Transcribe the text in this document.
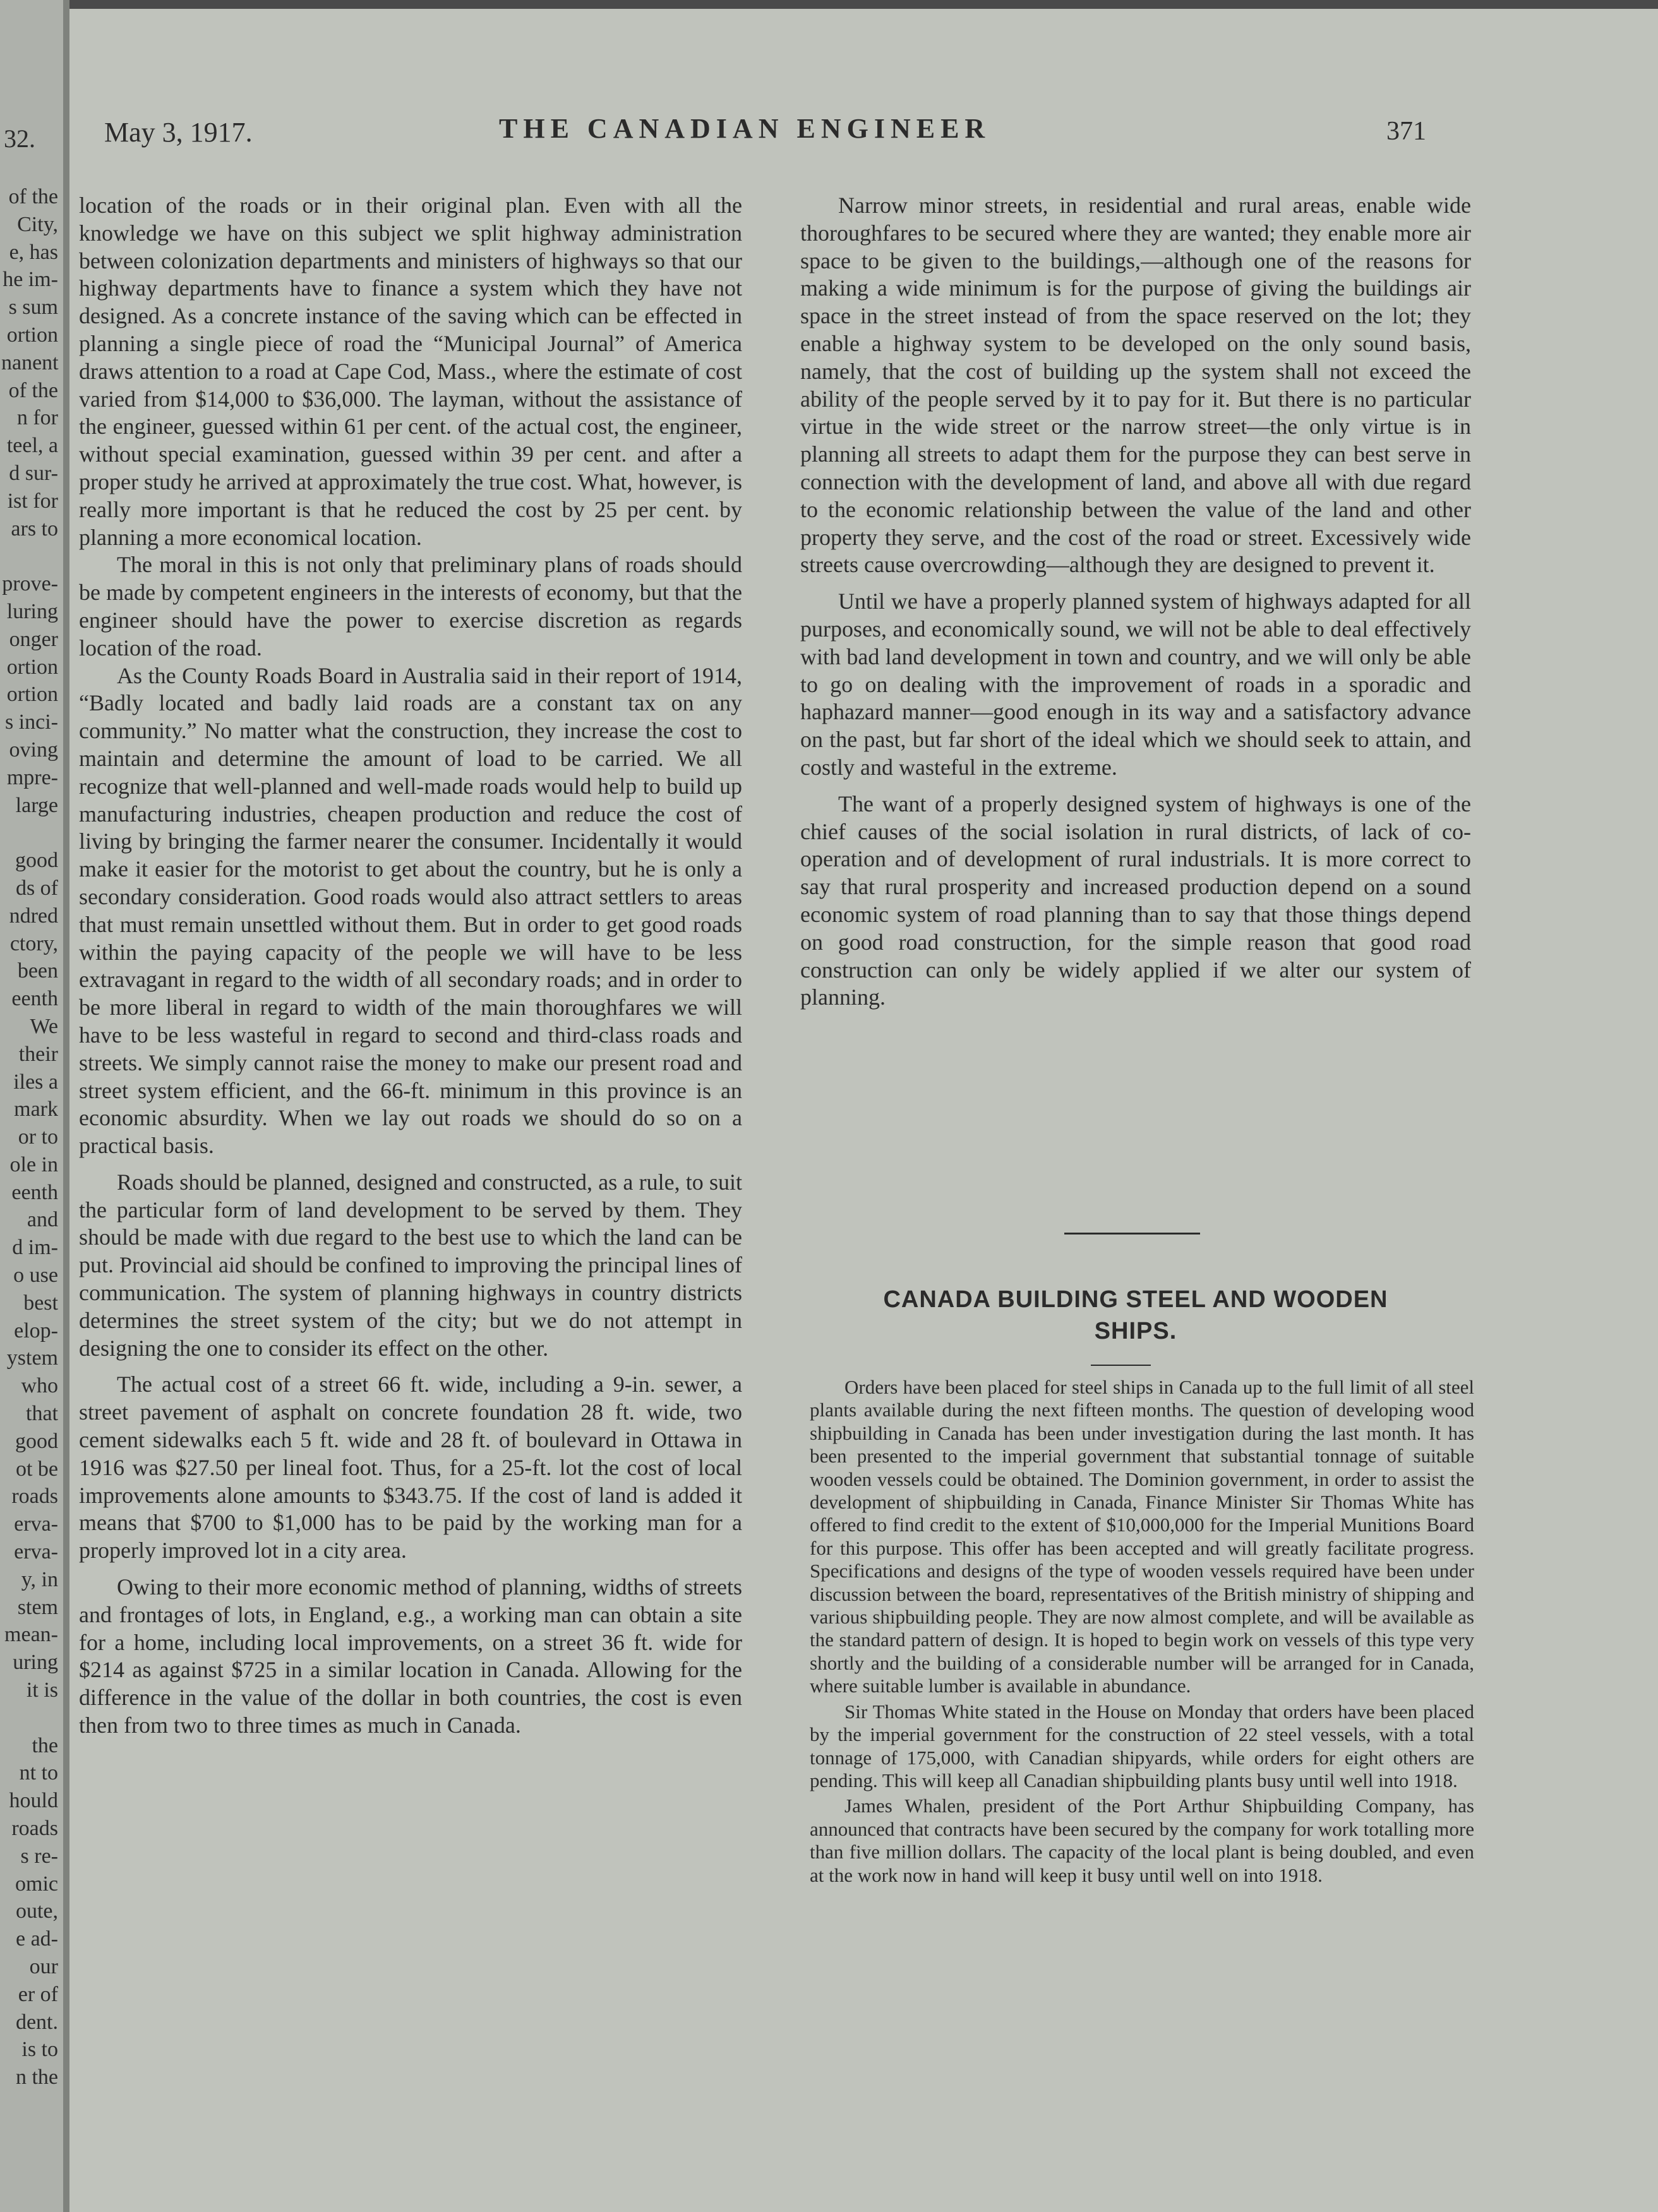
32.
of the
City,
e, has
he im-
s sum
ortion
nanent
of the
n for
teel, a
d sur-
ist for
ars to

prove-
luring
onger
ortion
ortion
s inci-
oving
mpre-
large

good
ds of
ndred
ctory,
been
eenth
We
their
iles a
mark
or to
ole in
eenth
and
d im-
o use
best
elop-
ystem
who
that
good
ot be
roads
erva-
erva-
y, in
stem
mean-
uring
it is

the
nt to
hould
roads
s re-
omic
oute,
e ad-
our
er of
dent.
is to
n the
May 3, 1917.	THE CANADIAN ENGINEER	371

location of the roads or in their original plan. Even with all the knowledge we have on this subject we split highway administration between colonization departments and ministers of highways so that our highway departments have to finance a system which they have not designed. As a concrete instance of the saving which can be effected in planning a single piece of road the “Municipal Journal” of America draws attention to a road at Cape Cod, Mass., where the estimate of cost varied from $14,000 to $36,000. The layman, without the assistance of the engineer, guessed within 61 per cent. of the actual cost, the engineer, without special examination, guessed within 39 per cent. and after a proper study he arrived at approximately the true cost. What, however, is really more important is that he reduced the cost by 25 per cent. by planning a more economical location.

The moral in this is not only that preliminary plans of roads should be made by competent engineers in the interests of economy, but that the engineer should have the power to exercise discretion as regards location of the road.

As the County Roads Board in Australia said in their report of 1914, “Badly located and badly laid roads are a constant tax on any community.” No matter what the construction, they increase the cost to maintain and determine the amount of load to be carried. We all recognize that well-planned and well-made roads would help to build up manufacturing industries, cheapen production and reduce the cost of living by bringing the farmer nearer the consumer. Incidentally it would make it easier for the motorist to get about the country, but he is only a secondary consideration. Good roads would also attract settlers to areas that must remain unsettled without them. But in order to get good roads within the paying capacity of the people we will have to be less extravagant in regard to the width of all secondary roads; and in order to be more liberal in regard to width of the main thoroughfares we will have to be less wasteful in regard to second and third-class roads and streets. We simply cannot raise the money to make our present road and street system efficient, and the 66-ft. minimum in this province is an economic absurdity. When we lay out roads we should do so on a practical basis.

Roads should be planned, designed and constructed, as a rule, to suit the particular form of land development to be served by them. They should be made with due regard to the best use to which the land can be put. Provincial aid should be confined to improving the principal lines of communication. The system of planning highways in country districts determines the street system of the city; but we do not attempt in designing the one to consider its effect on the other.

The actual cost of a street 66 ft. wide, including a 9-in. sewer, a street pavement of asphalt on concrete foundation 28 ft. wide, two cement sidewalks each 5 ft. wide and 28 ft. of boulevard in Ottawa in 1916 was $27.50 per lineal foot. Thus, for a 25-ft. lot the cost of local improvements alone amounts to $343.75. If the cost of land is added it means that $700 to $1,000 has to be paid by the working man for a properly improved lot in a city area.

Owing to their more economic method of planning, widths of streets and frontages of lots, in England, e.g., a working man can obtain a site for a home, including local improvements, on a street 36 ft. wide for $214 as against $725 in a similar location in Canada. Allowing for the difference in the value of the dollar in both countries, the cost is even then from two to three times as much in Canada.

Narrow minor streets, in residential and rural areas, enable wide thoroughfares to be secured where they are wanted; they enable more air space to be given to the buildings,—although one of the reasons for making a wide minimum is for the purpose of giving the buildings air space in the street instead of from the space reserved on the lot; they enable a highway system to be developed on the only sound basis, namely, that the cost of building up the system shall not exceed the ability of the people served by it to pay for it. But there is no particular virtue in the wide street or the narrow street—the only virtue is in planning all streets to adapt them for the purpose they can best serve in connection with the development of land, and above all with due regard to the economic relationship between the value of the land and other property they serve, and the cost of the road or street. Excessively wide streets cause overcrowding—although they are designed to prevent it.

Until we have a properly planned system of highways adapted for all purposes, and economically sound, we will not be able to deal effectively with bad land development in town and country, and we will only be able to go on dealing with the improvement of roads in a sporadic and haphazard manner—good enough in its way and a satisfactory advance on the past, but far short of the ideal which we should seek to attain, and costly and wasteful in the extreme.

The want of a properly designed system of highways is one of the chief causes of the social isolation in rural districts, of lack of co-operation and of development of rural industrials. It is more correct to say that rural prosperity and increased production depend on a sound economic system of road planning than to say that those things depend on good road construction, for the simple reason that good road construction can only be widely applied if we alter our system of planning.

CANADA BUILDING STEEL AND WOODEN
SHIPS.

Orders have been placed for steel ships in Canada up to the full limit of all steel plants available during the next fifteen months. The question of developing wood shipbuilding in Canada has been under investigation during the last month. It has been presented to the imperial government that substantial tonnage of suitable wooden vessels could be obtained. The Dominion government, in order to assist the development of shipbuilding in Canada, Finance Minister Sir Thomas White has offered to find credit to the extent of $10,000,000 for the Imperial Munitions Board for this purpose. This offer has been accepted and will greatly facilitate progress. Specifications and designs of the type of wooden vessels required have been under discussion between the board, representatives of the British ministry of shipping and various shipbuilding people. They are now almost complete, and will be available as the standard pattern of design. It is hoped to begin work on vessels of this type very shortly and the building of a considerable number will be arranged for in Canada, where suitable lumber is available in abundance.

Sir Thomas White stated in the House on Monday that orders have been placed by the imperial government for the construction of 22 steel vessels, with a total tonnage of 175,000, with Canadian shipyards, while orders for eight others are pending. This will keep all Canadian shipbuilding plants busy until well into 1918.

James Whalen, president of the Port Arthur Shipbuilding Company, has announced that contracts have been secured by the company for work totalling more than five million dollars. The capacity of the local plant is being doubled, and even at the work now in hand will keep it busy until well on into 1918.
